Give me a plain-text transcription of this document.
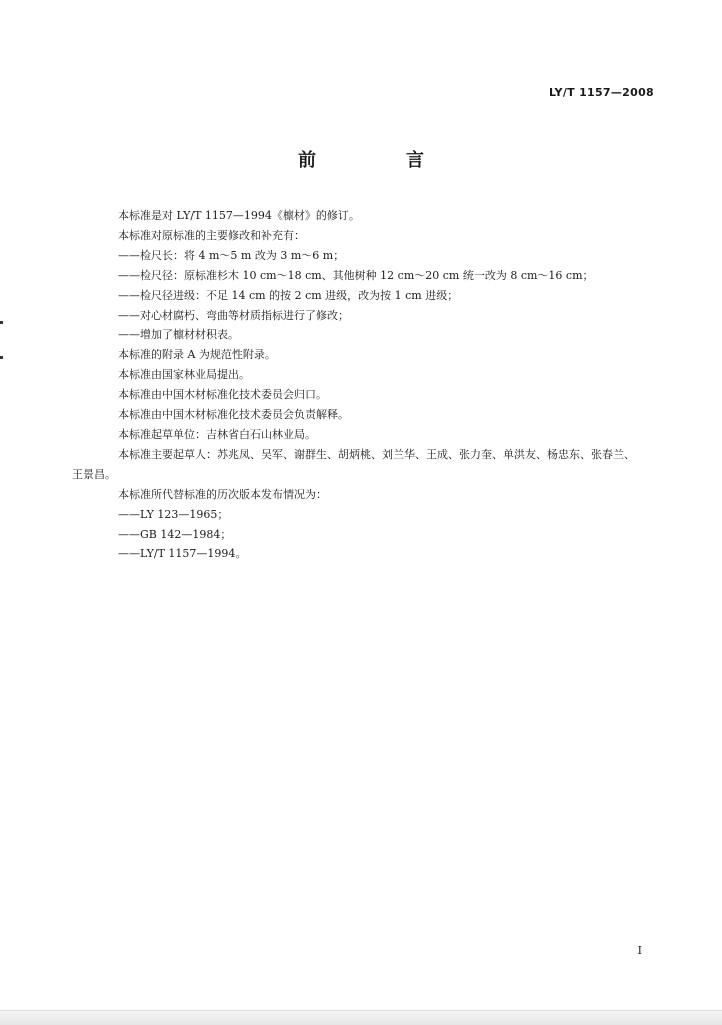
LY/T 1157—2008
前　言

本标准是对 LY/T 1157—1994《檩材》的修订。

本标准对原标准的主要修改和补充有：

——检尺长：将 4 m～5 m 改为 3 m～6 m；

——检尺径：原标准杉木 10 cm～18 cm、其他树种 12 cm～20 cm 统一改为 8 cm～16 cm；

——检尺径进级：不足 14 cm 的按 2 cm 进级，改为按 1 cm 进级；

——对心材腐朽、弯曲等材质指标进行了修改；

——增加了檩材材积表。

本标准的附录 A 为规范性附录。

本标准由国家林业局提出。

本标准由中国木材标准化技术委员会归口。

本标准由中国木材标准化技术委员会负责解释。

本标准起草单位：吉林省白石山林业局。

本标准主要起草人：苏兆凤、吴军、谢群生、胡炳桃、刘兰华、王成、张力奎、单洪友、杨忠东、张春兰、

王景昌。

本标准所代替标准的历次版本发布情况为：

——LY 123—1965；

——GB 142—1984；

——LY/T 1157—1994。

I
